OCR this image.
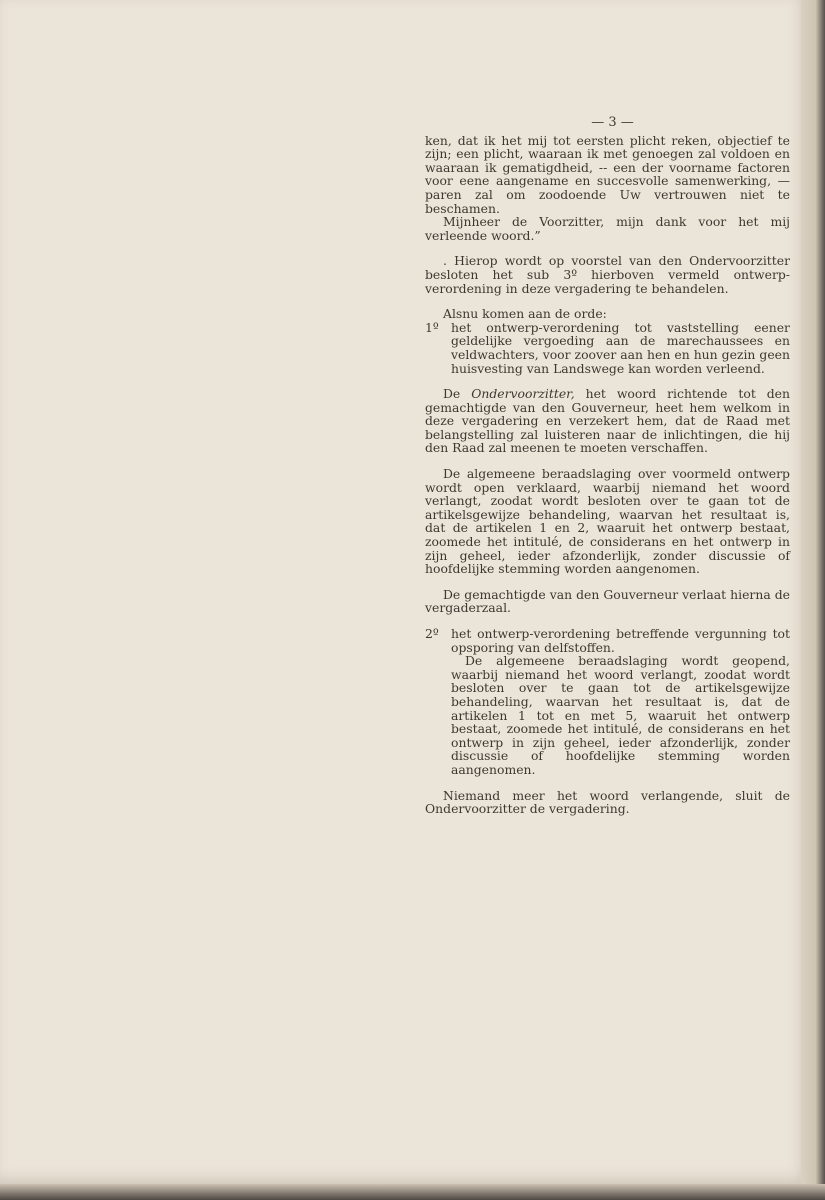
— 3 —

ken, dat ik het mij tot eersten plicht reken, objectief te zijn; een plicht, waaraan ik met genoegen zal voldoen en waaraan ik gematigdheid, -- een der voorname factoren voor eene aangename en succesvolle samenwerking, — paren zal om zoodoende Uw vertrouwen niet te beschamen.

Mijnheer de Voorzitter, mijn dank voor het mij verleende woord.”

. Hierop wordt op voorstel van den Ondervoorzitter besloten het sub 3º hierboven vermeld ontwerp-verordening in deze vergadering te behandelen.

Alsnu komen aan de orde:

1º het ontwerp-verordening tot vaststelling eener geldelijke vergoeding aan de marechaussees en veldwachters, voor zoover aan hen en hun gezin geen huisvesting van Landswege kan worden verleend.

De Ondervoorzitter, het woord richtende tot den gemachtigde van den Gouverneur, heet hem welkom in deze vergadering en verzekert hem, dat de Raad met belangstelling zal luisteren naar de inlichtingen, die hij den Raad zal meenen te moeten verschaffen.

De algemeene beraadslaging over voormeld ontwerp wordt open verklaard, waarbij niemand het woord verlangt, zoodat wordt besloten over te gaan tot de artikelsgewijze behandeling, waarvan het resultaat is, dat de artikelen 1 en 2, waaruit het ontwerp bestaat, zoomede het intitulé, de considerans en het ontwerp in zijn geheel, ieder afzonderlijk, zonder discussie of hoofdelijke stemming worden aangenomen.

De gemachtigde van den Gouverneur verlaat hierna de vergaderzaal.

2º het ontwerp-verordening betreffende vergunning tot opsporing van delfstoffen.

De algemeene beraadslaging wordt geopend, waarbij niemand het woord verlangt, zoodat wordt besloten over te gaan tot de artikelsgewijze behandeling, waarvan het resultaat is, dat de artikelen 1 tot en met 5, waaruit het ontwerp bestaat, zoomede het intitulé, de considerans en het ontwerp in zijn geheel, ieder afzonderlijk, zonder discussie of hoofdelijke stemming worden aangenomen.

Niemand meer het woord verlangende, sluit de Ondervoorzitter de vergadering.
